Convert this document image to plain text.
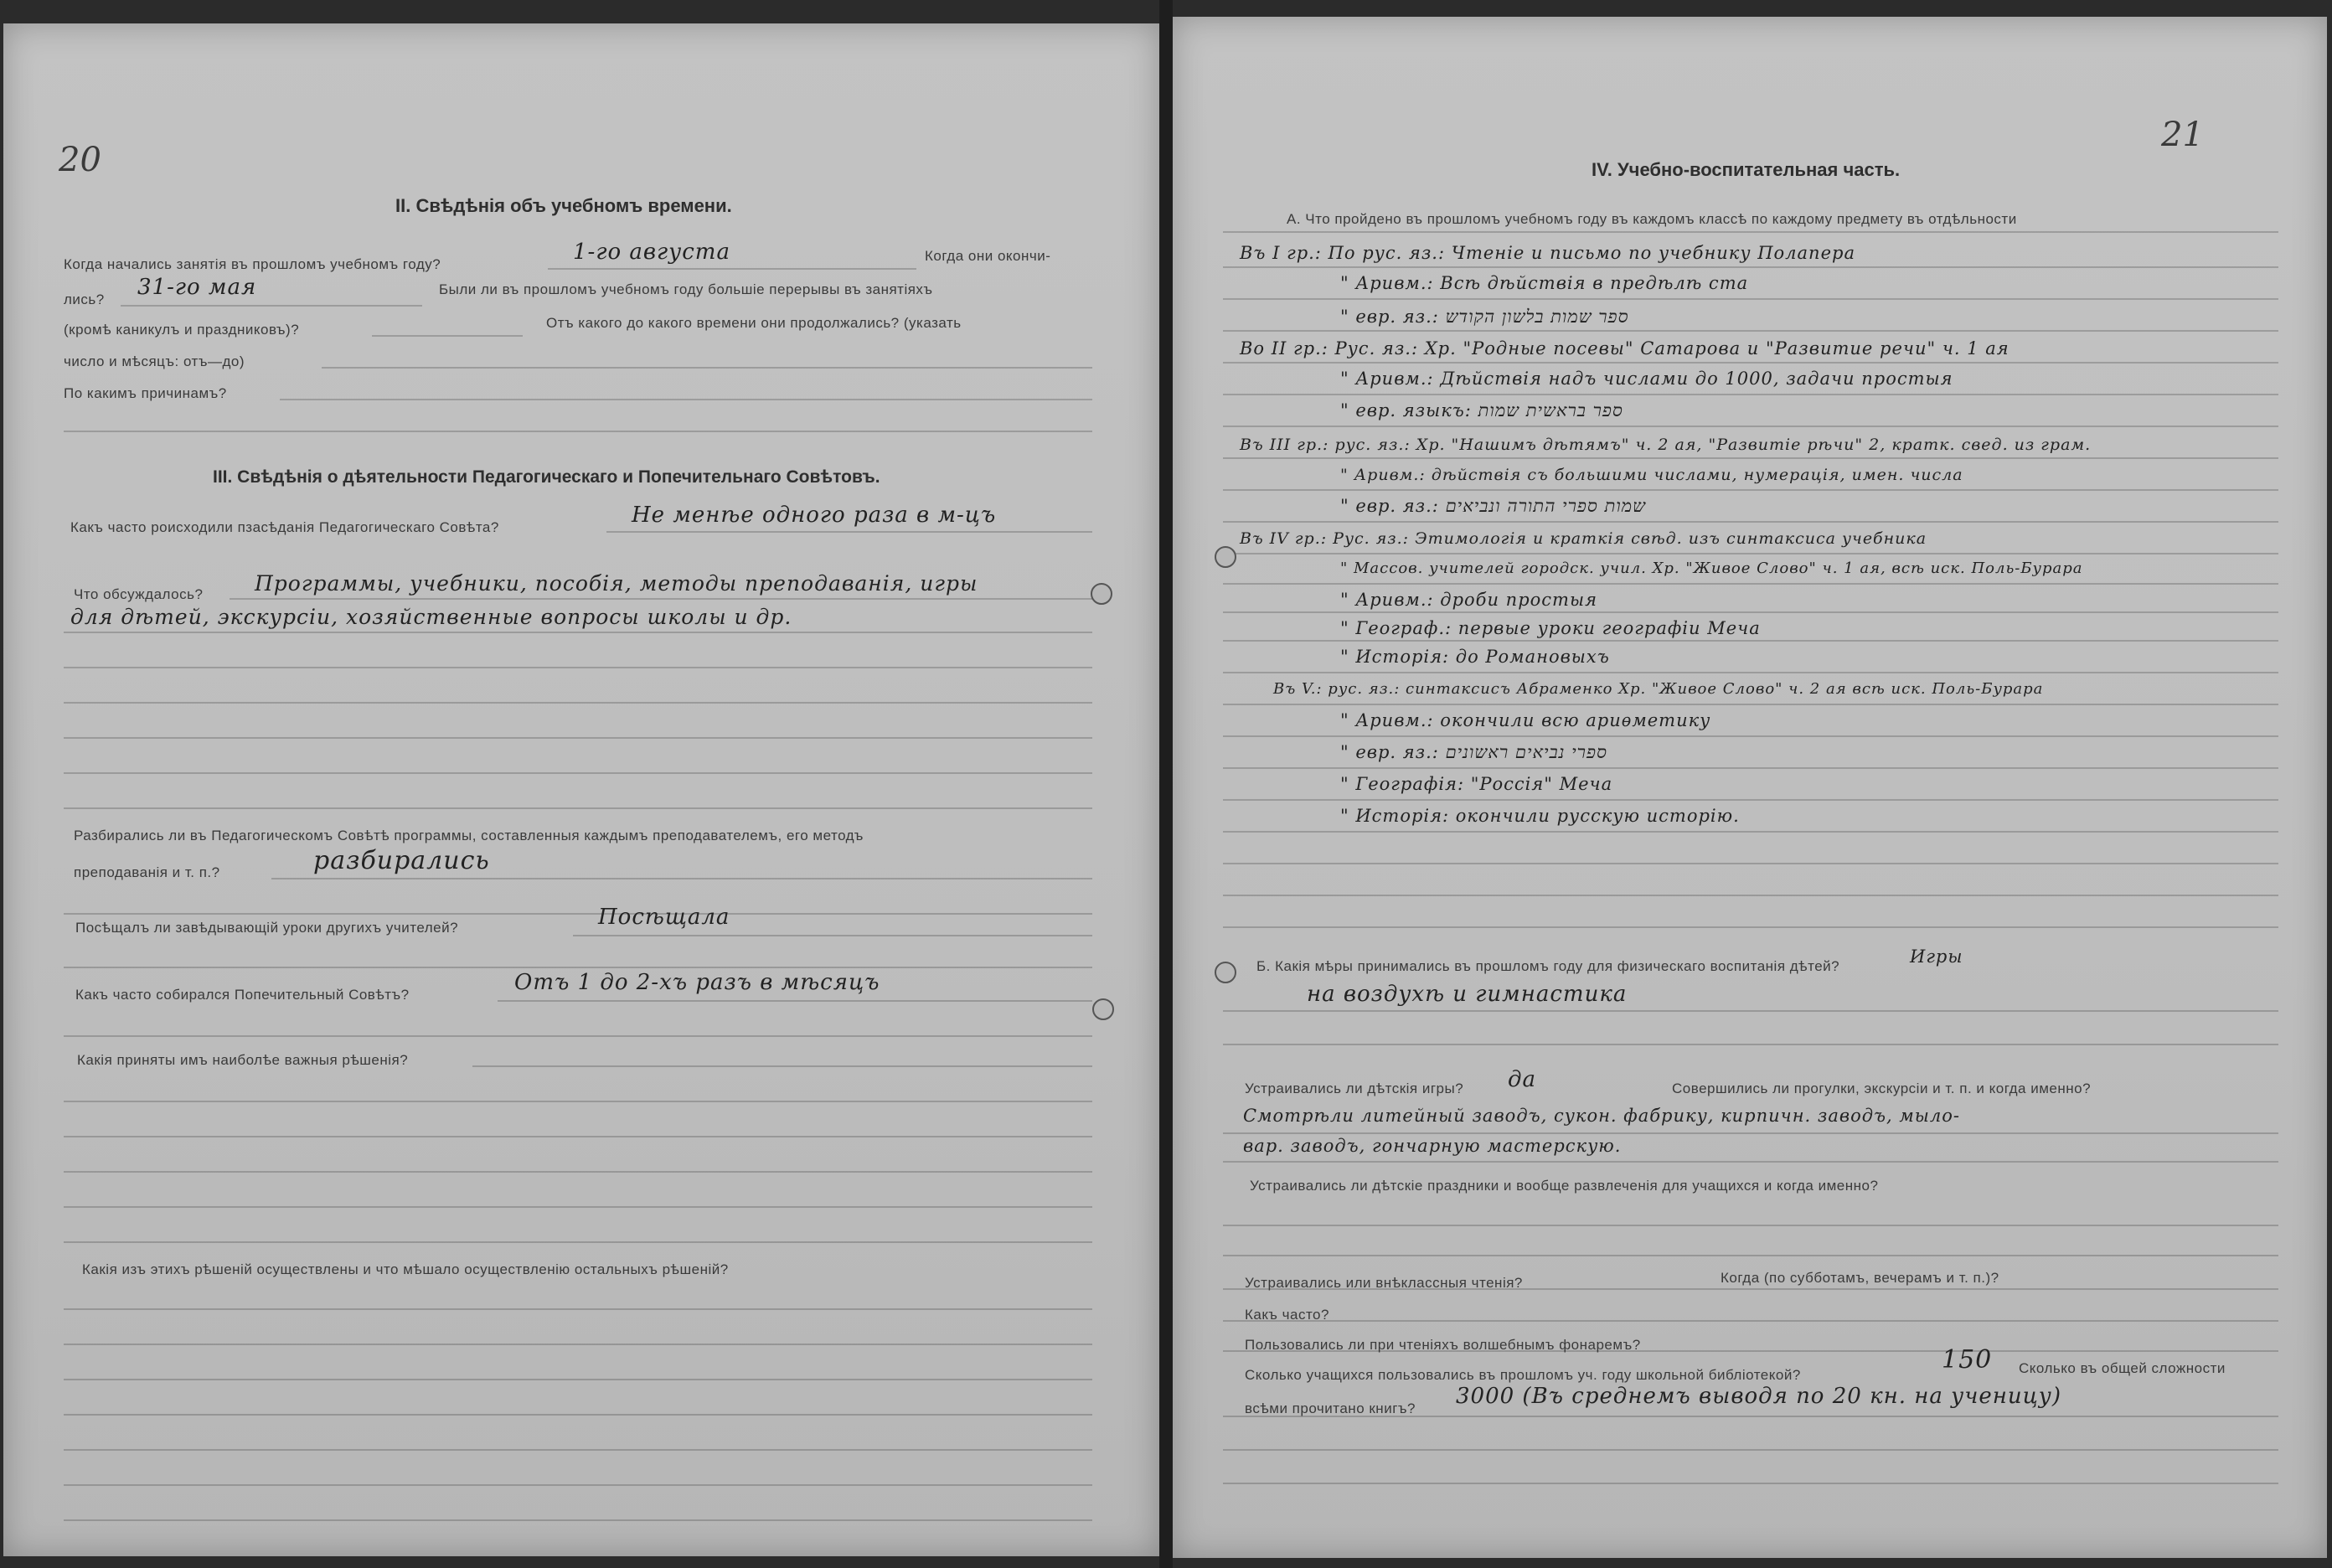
20
II. Свѣдѣнія объ учебномъ времени.
Когда начались занятія въ прошломъ учебномъ году?	1-го августа	Когда они окончи-
лись? 31-го мая	Были ли въ прошломъ учебномъ году большіе перерывы въ занятіяхъ
(кромѣ каникулъ и праздниковъ)?	Отъ какого до какого времени они продолжались? (указать
число и мѣсяцъ: отъ—до)
По какимъ причинамъ?
III. Свѣдѣнія о дѣятельности Педагогическаго и Попечительнаго Совѣтовъ.
Какъ часто роисходили пзасѣданія Педагогическаго Совѣта?	Не менѣе одного раза в м-цъ
Что обсуждалось? Программы, учебники, пособія, методы преподаванія, игры
для дѣтей, экскурсіи, хозяйственные вопросы школы и др.
Разбирались ли въ Педагогическомъ Совѣтѣ программы, составленныя каждымъ преподавателемъ, его методъ
преподаванія и т. п.?	разбирались
Посѣщалъ ли завѣдывающій уроки другихъ учителей?	Посѣщала
Какъ часто собирался Попечительный Совѣтъ?	Отъ 1 до 2-хъ разъ в мѣсяцъ
Какія приняты имъ наиболѣе важныя рѣшенія?
Какія изъ этихъ рѣшеній осуществлены и что мѣшало осуществленію остальныхъ рѣшеній?
21
IV. Учебно-воспитательная часть.
А. Что пройдено въ прошломъ учебномъ году въ каждомъ классѣ по каждому предмету въ отдѣльности
Въ I гр.: По рус. яз.: Чтеніе и письмо по учебнику Полапера
" Аривм.: Всѣ дѣйствія в предѣлѣ ста
" евр. яз.: ספר שמות בלשון הקודש
Во II гр.: Рус. яз.: Хр. "Родные посевы" Сатарова и "Развитие речи" ч. 1 ая
" Аривм.: Дѣйствія надъ числами до 1000, задачи простыя
" евр. языкъ: ספר בראשית שמות
Въ III гр.: рус. яз.: Хр. "Нашимъ дѣтямъ" ч. 2 ая, "Развитіе рѣчи" 2, кратк. свед. из грам.
" Аривм.: дѣйствія съ большими числами, нумерація, имен. числа
" евр. яз.: שמות ספרי התורה ונביאים
Въ IV гр.: Рус. яз.: Этимологія и краткія свѣд. изъ синтаксиса учебника
" Массов. учителей городск. учил. Хр. "Живое Слово" ч. 1 ая, всѣ иск. Поль-Бурара
" Аривм.: дроби простыя
" Географ.: первые уроки географіи Меча
" Исторія: до Романовыхъ
Въ V.: рус. яз.: синтаксисъ Абраменко Хр. "Живое Слово" ч. 2 ая всѣ иск. Поль-Бурара
" Аривм.: окончили всю ариѳметику
" евр. яз.: ספרי נביאים ראשונים
" Географія: "Россія" Меча
" Исторія: окончили русскую исторію.
Б. Какія мѣры принимались въ прошломъ году для физическаго воспитанія дѣтей?	Игры
на воздухѣ и гимнастика
Устраивались ли дѣтскія игры? да	Совершились ли прогулки, экскурсіи и т. п. и когда именно?
Смотрѣли литейный заводъ, сукон. фабрику, кирпичн. заводъ, мыло-
вар. заводъ, гончарную мастерскую.
Устраивались ли дѣтскіе праздники и вообще развлеченія для учащихся и когда именно?
Устраивались или внѣклассныя чтенія?	Когда (по субботамъ, вечерамъ и т. п.)?
Какъ часто?
Пользовались ли при чтеніяхъ волшебнымъ фонаремъ?
Сколько учащихся пользовались въ прошломъ уч. году школьной библіотекой?
150 Сколько въ общей сложности
всѣми прочитано книгъ? 3000 (Въ среднемъ выводя по 20 кн. на ученицу)
